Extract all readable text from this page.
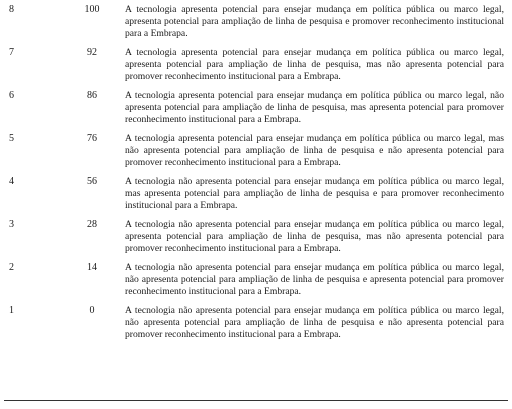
8	100	A tecnologia apresenta potencial para ensejar mudança em política pública ou marco legal, apresenta potencial para ampliação de linha de pesquisa e promover reconhecimento institucional para a Embrapa.
7	92	A tecnologia apresenta potencial para ensejar mudança em política pública ou marco legal, apresenta potencial para ampliação de linha de pesquisa, mas não apresenta potencial para promover reconhecimento institucional para a Embrapa.
6	86	A tecnologia apresenta potencial para ensejar mudança em política pública ou marco legal, não apresenta potencial para ampliação de linha de pesquisa, mas apresenta potencial para promover reconhecimento institucional para a Embrapa.
5	76	A tecnologia apresenta potencial para ensejar mudança em política pública ou marco legal, mas não apresenta potencial para ampliação de linha de pesquisa e não apresenta potencial para promover reconhecimento institucional para a Embrapa.
4	56	A tecnologia não apresenta potencial para ensejar mudança em política pública ou marco legal, mas apresenta potencial para ampliação de linha de pesquisa e para promover reconhecimento institucional para a Embrapa.
3	28	A tecnologia não apresenta potencial para ensejar mudança em política pública ou marco legal, apresenta potencial para ampliação de linha de pesquisa, mas não apresenta potencial para promover reconhecimento institucional para a Embrapa.
2	14	A tecnologia não apresenta potencial para ensejar mudança em política pública ou marco legal, não apresenta potencial para ampliação de linha de pesquisa e apresenta potencial para promover reconhecimento institucional para a Embrapa.
1	0	A tecnologia não apresenta potencial para ensejar mudança em política pública ou marco legal, não apresenta potencial para ampliação de linha de pesquisa e não apresenta potencial para promover reconhecimento institucional para a Embrapa.
